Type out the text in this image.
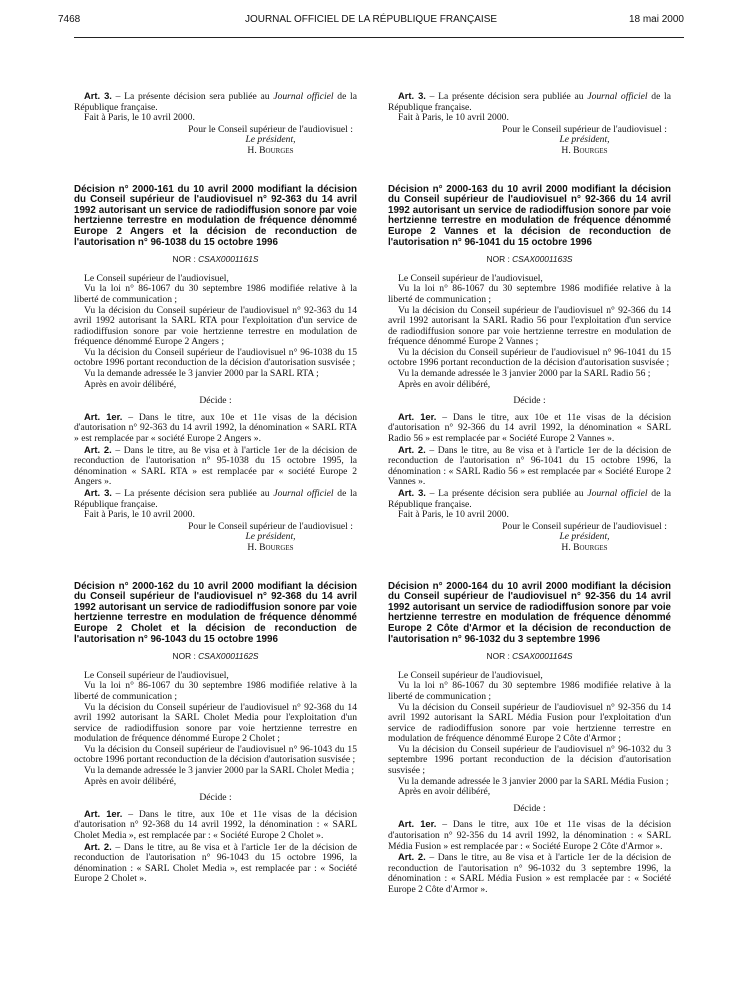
7468	JOURNAL OFFICIEL DE LA RÉPUBLIQUE FRANÇAISE	18 mai 2000

Art. 3. – La présente décision sera publiée au Journal officiel de la République française.

Fait à Paris, le 10 avril 2000.

Pour le Conseil supérieur de l'audiovisuel :
Le président,
H. Bourges
Décision n° 2000-161 du 10 avril 2000 modifiant la décision du Conseil supérieur de l'audiovisuel n° 92-363 du 14 avril 1992 autorisant un service de radiodiffusion sonore par voie hertzienne terrestre en modulation de fréquence dénommé Europe 2 Angers et la décision de reconduction de l'autorisation n° 96-1038 du 15 octobre 1996
NOR : CSAX0001161S

Le Conseil supérieur de l'audiovisuel,

Vu la loi n° 86-1067 du 30 septembre 1986 modifiée relative à la liberté de communication ;

Vu la décision du Conseil supérieur de l'audiovisuel n° 92-363 du 14 avril 1992 autorisant la SARL RTA pour l'exploitation d'un service de radiodiffusion sonore par voie hertzienne terrestre en modulation de fréquence dénommé Europe 2 Angers ;

Vu la décision du Conseil supérieur de l'audiovisuel n° 96-1038 du 15 octobre 1996 portant reconduction de la décision d'autorisation susvisée ;

Vu la demande adressée le 3 janvier 2000 par la SARL RTA ;

Après en avoir délibéré,

Décide :

Art. 1er. – Dans le titre, aux 10e et 11e visas de la décision d'autorisation n° 92-363 du 14 avril 1992, la dénomination « SARL RTA » est remplacée par « société Europe 2 Angers ».

Art. 2. – Dans le titre, au 8e visa et à l'article 1er de la décision de reconduction de l'autorisation n° 95-1038 du 15 octobre 1995, la dénomination « SARL RTA » est remplacée par « société Europe 2 Angers ».

Art. 3. – La présente décision sera publiée au Journal officiel de la République française.

Fait à Paris, le 10 avril 2000.

Pour le Conseil supérieur de l'audiovisuel :
Le président,
H. Bourges
Décision n° 2000-162 du 10 avril 2000 modifiant la décision du Conseil supérieur de l'audiovisuel n° 92-368 du 14 avril 1992 autorisant un service de radiodiffusion sonore par voie hertzienne terrestre en modulation de fréquence dénommé Europe 2 Cholet et la décision de reconduction de l'autorisation n° 96-1043 du 15 octobre 1996
NOR : CSAX0001162S

Le Conseil supérieur de l'audiovisuel,

Vu la loi n° 86-1067 du 30 septembre 1986 modifiée relative à la liberté de communication ;

Vu la décision du Conseil supérieur de l'audiovisuel n° 92-368 du 14 avril 1992 autorisant la SARL Cholet Media pour l'exploitation d'un service de radiodiffusion sonore par voie hertzienne terrestre en modulation de fréquence dénommé Europe 2 Cholet ;

Vu la décision du Conseil supérieur de l'audiovisuel n° 96-1043 du 15 octobre 1996 portant reconduction de la décision d'autorisation susvisée ;

Vu la demande adressée le 3 janvier 2000 par la SARL Cholet Media ;

Après en avoir délibéré,

Décide :

Art. 1er. – Dans le titre, aux 10e et 11e visas de la décision d'autorisation n° 92-368 du 14 avril 1992, la dénomination : « SARL Cholet Media », est remplacée par : « Société Europe 2 Cholet ».

Art. 2. – Dans le titre, au 8e visa et à l'article 1er de la décision de reconduction de l'autorisation n° 96-1043 du 15 octobre 1996, la dénomination : « SARL Cholet Media », est remplacée par : « Société Europe 2 Cholet ».

Art. 3. – La présente décision sera publiée au Journal officiel de la République française.

Fait à Paris, le 10 avril 2000.

Pour le Conseil supérieur de l'audiovisuel :
Le président,
H. Bourges
Décision n° 2000-163 du 10 avril 2000 modifiant la décision du Conseil supérieur de l'audiovisuel n° 92-366 du 14 avril 1992 autorisant un service de radiodiffusion sonore par voie hertzienne terrestre en modulation de fréquence dénommé Europe 2 Vannes et la décision de reconduction de l'autorisation n° 96-1041 du 15 octobre 1996
NOR : CSAX0001163S

Le Conseil supérieur de l'audiovisuel,

Vu la loi n° 86-1067 du 30 septembre 1986 modifiée relative à la liberté de communication ;

Vu la décision du Conseil supérieur de l'audiovisuel n° 92-366 du 14 avril 1992 autorisant la SARL Radio 56 pour l'exploitation d'un service de radiodiffusion sonore par voie hertzienne terrestre en modulation de fréquence dénommé Europe 2 Vannes ;

Vu la décision du Conseil supérieur de l'audiovisuel n° 96-1041 du 15 octobre 1996 portant reconduction de la décision d'autorisation susvisée ;

Vu la demande adressée le 3 janvier 2000 par la SARL Radio 56 ;

Après en avoir délibéré,

Décide :

Art. 1er. – Dans le titre, aux 10e et 11e visas de la décision d'autorisation n° 92-366 du 14 avril 1992, la dénomination « SARL Radio 56 » est remplacée par « Société Europe 2 Vannes ».

Art. 2. – Dans le titre, au 8e visa et à l'article 1er de la décision de reconduction de l'autorisation n° 96-1041 du 15 octobre 1996, la dénomination : « SARL Radio 56 » est remplacée par « Société Europe 2 Vannes ».

Art. 3. – La présente décision sera publiée au Journal officiel de la République française.

Fait à Paris, le 10 avril 2000.

Pour le Conseil supérieur de l'audiovisuel :
Le président,
H. Bourges
Décision n° 2000-164 du 10 avril 2000 modifiant la décision du Conseil supérieur de l'audiovisuel n° 92-356 du 14 avril 1992 autorisant un service de radiodiffusion sonore par voie hertzienne terrestre en modulation de fréquence dénommé Europe 2 Côte d'Armor et la décision de reconduction de l'autorisation n° 96-1032 du 3 septembre 1996
NOR : CSAX0001164S

Le Conseil supérieur de l'audiovisuel,

Vu la loi n° 86-1067 du 30 septembre 1986 modifiée relative à la liberté de communication ;

Vu la décision du Conseil supérieur de l'audiovisuel n° 92-356 du 14 avril 1992 autorisant la SARL Média Fusion pour l'exploitation d'un service de radiodiffusion sonore par voie hertzienne terrestre en modulation de fréquence dénommé Europe 2 Côte d'Armor ;

Vu la décision du Conseil supérieur de l'audiovisuel n° 96-1032 du 3 septembre 1996 portant reconduction de la décision d'autorisation susvisée ;

Vu la demande adressée le 3 janvier 2000 par la SARL Média Fusion ;

Après en avoir délibéré,

Décide :

Art. 1er. – Dans le titre, aux 10e et 11e visas de la décision d'autorisation n° 92-356 du 14 avril 1992, la dénomination : « SARL Média Fusion » est remplacée par : « Société Europe 2 Côte d'Armor ».

Art. 2. – Dans le titre, au 8e visa et à l'article 1er de la décision de reconduction de l'autorisation n° 96-1032 du 3 septembre 1996, la dénomination : « SARL Média Fusion » est remplacée par : « Société Europe 2 Côte d'Armor ».
